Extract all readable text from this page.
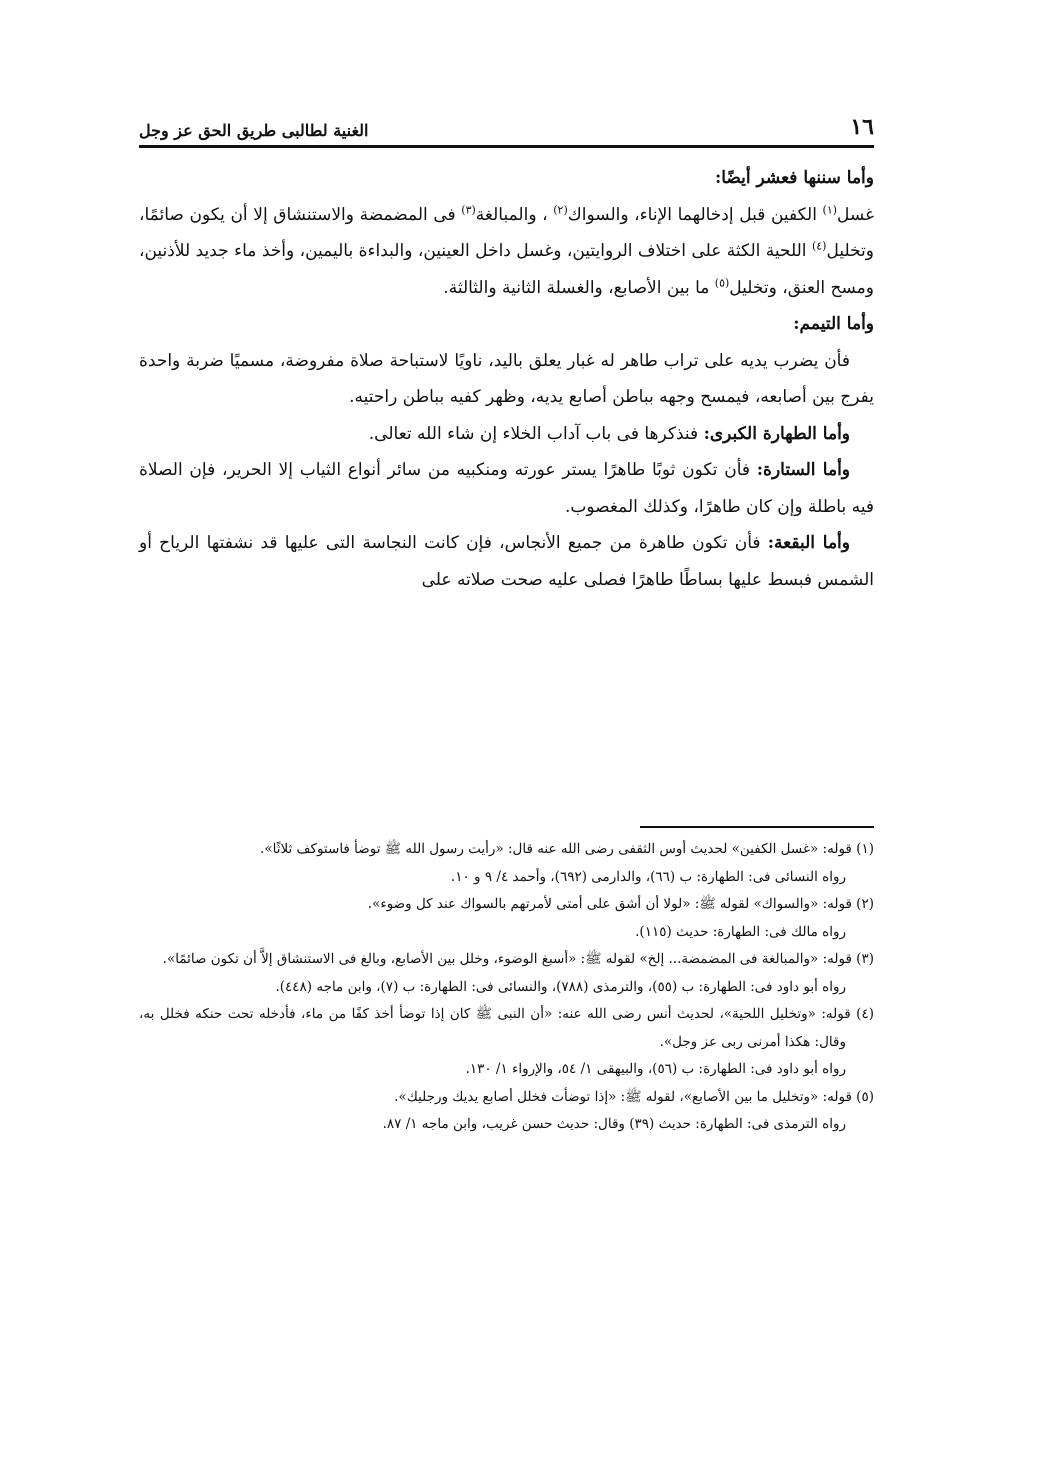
١٦
الغنية لطالبى طريق الحق عز وجل

وأما سننها فعشر أيضًا:

غسل$^{(١)}$ الكفين قبل إدخالهما الإناء، والسواك$^{(٢)}$ ، والمبالغة$^{(٣)}$ فى المضمضة والاستنشاق إلا أن يكون صائمًا، وتخليل$^{(٤)}$ اللحية الكثة على اختلاف الروايتين، وغسل داخل العينين، والبداءة باليمين، وأخذ ماء جديد للأذنين، ومسح العنق، وتخليل$^{(٥)}$ ما بين الأصابع، والغسلة الثانية والثالثة.

وأما التيمم:

فأن يضرب يديه على تراب طاهر له غبار يعلق باليد، ناويًا لاستباحة صلاة مفروضة، مسميًا ضربة واحدة يفرج بين أصابعه، فيمسح وجهه بباطن أصابع يديه، وظهر كفيه بباطن راحتيه.

وأما الطهارة الكبرى: فنذكرها فى باب آداب الخلاء إن شاء الله تعالى.

وأما الستارة: فأن تكون ثوبًا طاهرًا يستر عورته ومنكبيه من سائر أنواع الثياب إلا الحرير، فإن الصلاة فيه باطلة وإن كان طاهرًا، وكذلك المغصوب.

وأما البقعة: فأن تكون طاهرة من جميع الأنجاس، فإن كانت النجاسة التى عليها قد نشفتها الرياح أو الشمس فبسط عليها بساطًا طاهرًا فصلى عليه صحت صلاته على

(١) قوله: «غسل الكفين» لحديث أوس الثقفى رضى الله عنه قال: «رأيت رسول الله ﷺ توضأ فاستوكف ثلاثًا».

رواه النسائى فى: الطهارة: ب (٦٦)، والدارمى (٦٩٢)، وأحمد ٤/ ٩ و ١٠.

(٢) قوله: «والسواك» لقوله ﷺ: «لولا أن أشق على أمتى لأمرتهم بالسواك عند كل وضوء».

رواه مالك فى: الطهارة: حديث (١١٥).

(٣) قوله: «والمبالغة فى المضمضة... إلخ» لقوله ﷺ: «أسبغ الوضوء، وخلل بين الأصابع، وبالغ فى الاستنشاق إلاَّ أن تكون صائمًا».

رواه أبو داود فى: الطهارة: ب (٥٥)، والترمذى (٧٨٨)، والنسائى فى: الطهارة: ب (٧)، وابن ماجه (٤٤٨).

(٤) قوله: «وتخليل اللحية»، لحديث أنس رضى الله عنه: «أن النبى ﷺ كان إذا توضأ أخذ كفًا من ماء، فأدخله تحت حنكه فخلل به، وقال: هكذا أمرنى ربى عز وجل».

رواه أبو داود فى: الطهارة: ب (٥٦)، والبيهقى ١/ ٥٤، والإرواء ١/ ١٣٠.

(٥) قوله: «وتخليل ما بين الأصابع»، لقوله ﷺ: «إذا توضأت فخلل أصابع يديك ورجليك».

رواه الترمذى فى: الطهارة: حديث (٣٩) وقال: حديث حسن غريب، وابن ماجه ١/ ٨٧.
